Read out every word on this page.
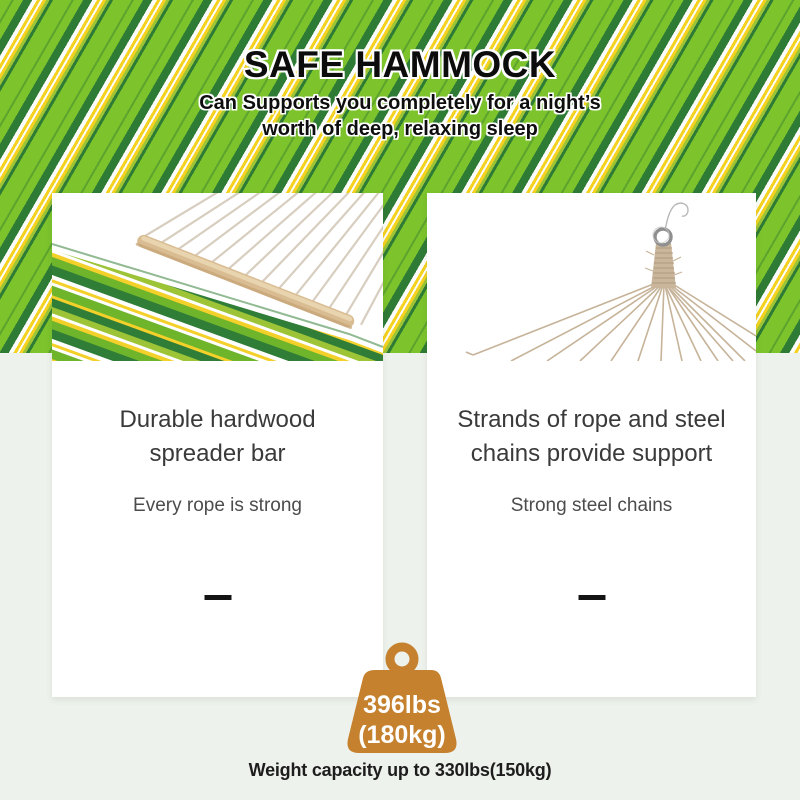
SAFE HAMMOCK

Can Supports you completely for a night’s
worth of deep, relaxing sleep

Durable hardwood
spreader bar

Every rope is strong

Strands of rope and steel
chains provide support

Strong steel chains

396lbs
(180kg)

Weight capacity up to 330lbs(150kg)
